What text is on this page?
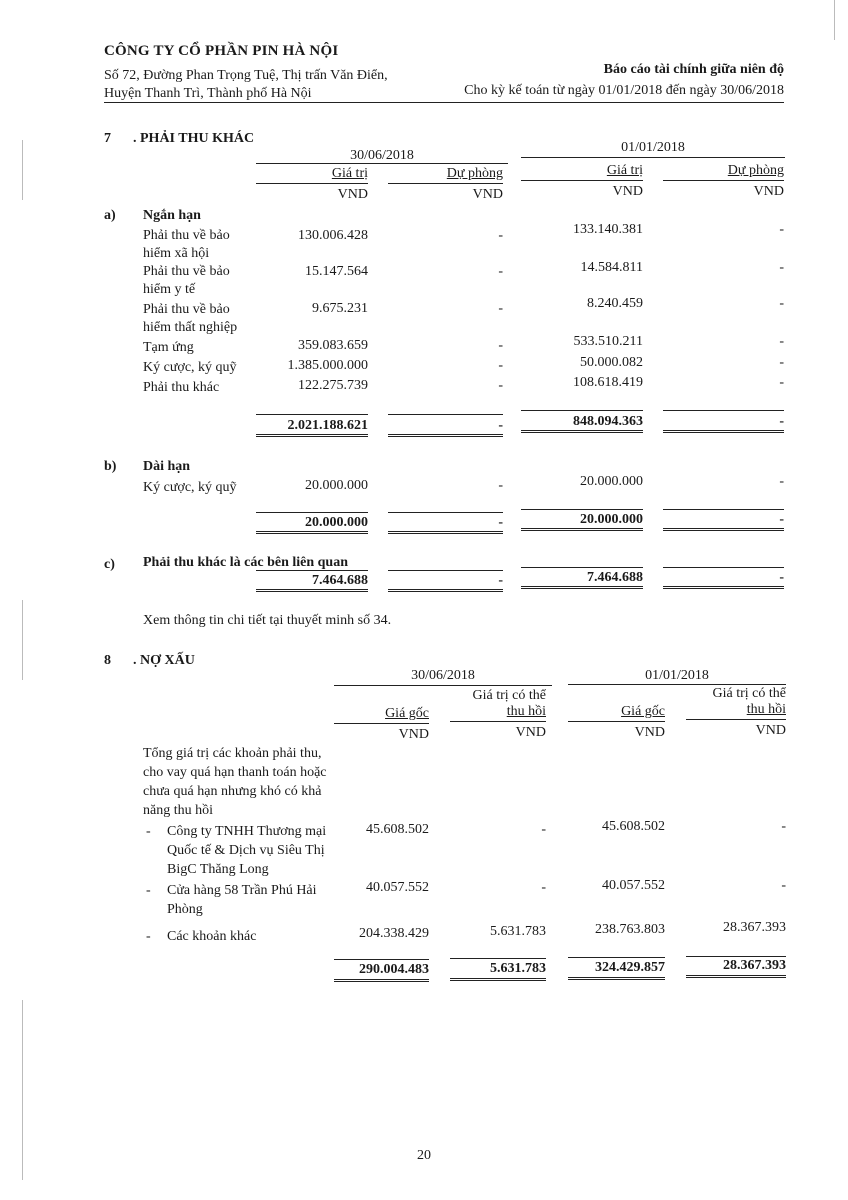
CÔNG TY CỔ PHẦN PIN HÀ NỘI
Số 72, Đường Phan Trọng Tuệ, Thị trấn Văn Điển,
Huyện Thanh Trì, Thành phố Hà Nội
Báo cáo tài chính giữa niên độ
Cho kỳ kế toán từ ngày 01/01/2018 đến ngày 30/06/2018
7 . PHẢI THU KHÁC
30/06/2018
01/01/2018
Giá trị	Dự phòng	Giá trị	Dự phòng
VND	VND	VND	VND
a) Ngắn hạn
Phải thu về bảo
hiểm xã hội
130.006.428	-	133.140.381	-
Phải thu về bảo
hiểm y tế
15.147.564	-	14.584.811	-
Phải thu về bảo
hiểm thất nghiệp
9.675.231	-	8.240.459	-
Tạm ứng	359.083.659	-	533.510.211	-
Ký cược, ký quỹ	1.385.000.000	-	50.000.082	-
Phải thu khác	122.275.739	-	108.618.419	-
2.021.188.621	-	848.094.363	-
b) Dài hạn
Ký cược, ký quỹ	20.000.000	-	20.000.000	-
20.000.000	-	20.000.000	-
c) Phải thu khác là các bên liên quan
7.464.688	-	7.464.688	-
Xem thông tin chi tiết tại thuyết minh số 34.
8 . NỢ XẤU
30/06/2018	01/01/2018
Giá gốc
Giá trị có thể
thu hồi	Giá gốc
Giá trị có thể
thu hồi
VND	VND	VND	VND
Tổng giá trị các khoản phải thu,
cho vay quá hạn thanh toán hoặc
chưa quá hạn nhưng khó có khả
năng thu hồi
- Công ty TNHH Thương mại
Quốc tế & Dịch vụ Siêu Thị
BigC Thăng Long
45.608.502	-	45.608.502	-
- Cửa hàng 58 Trần Phú Hải
Phòng
40.057.552	-	40.057.552	-
- Các khoản khác	204.338.429	5.631.783	238.763.803	28.367.393
290.004.483	5.631.783	324.429.857	28.367.393
20
